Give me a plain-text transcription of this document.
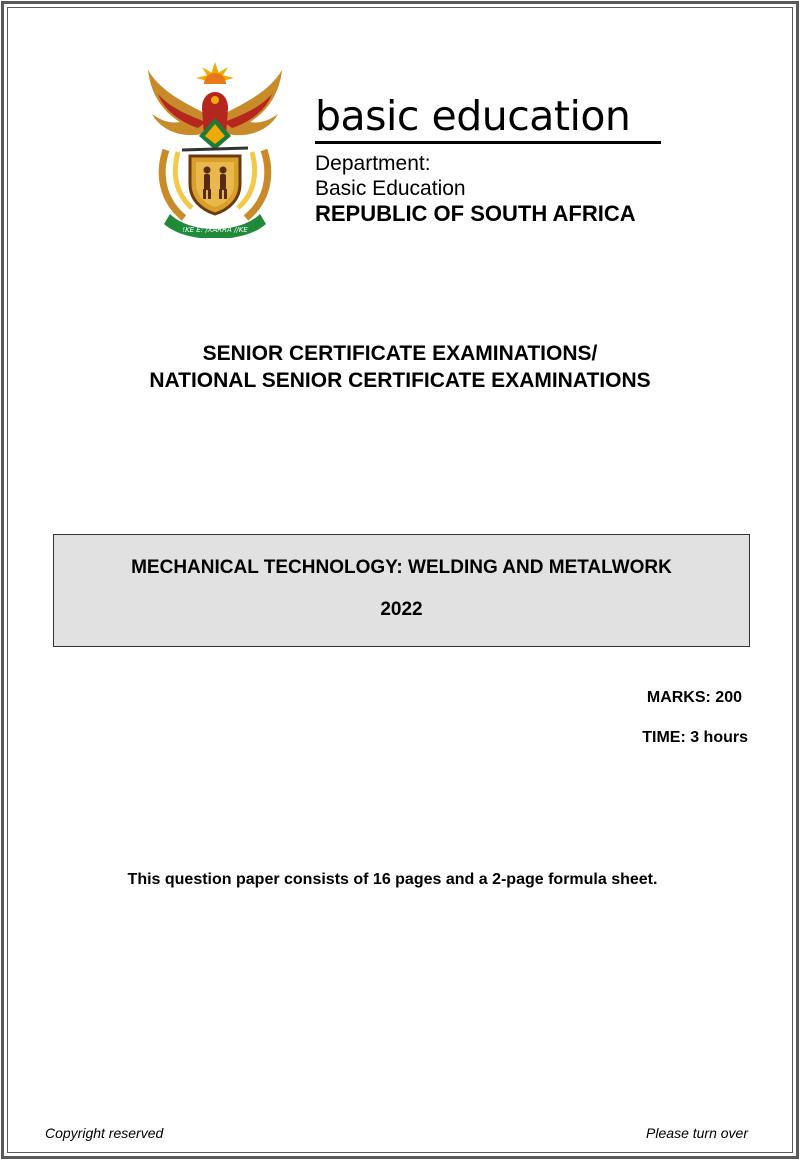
!KE E: /XARRA //KE
basic education
Department:
Basic Education
REPUBLIC OF SOUTH AFRICA
SENIOR CERTIFICATE EXAMINATIONS/
NATIONAL SENIOR CERTIFICATE EXAMINATIONS
MECHANICAL TECHNOLOGY: WELDING AND METALWORK
2022
MARKS: 200
TIME: 3 hours
This question paper consists of 16 pages and a 2-page formula sheet.
Copyright reserved	Please turn over
